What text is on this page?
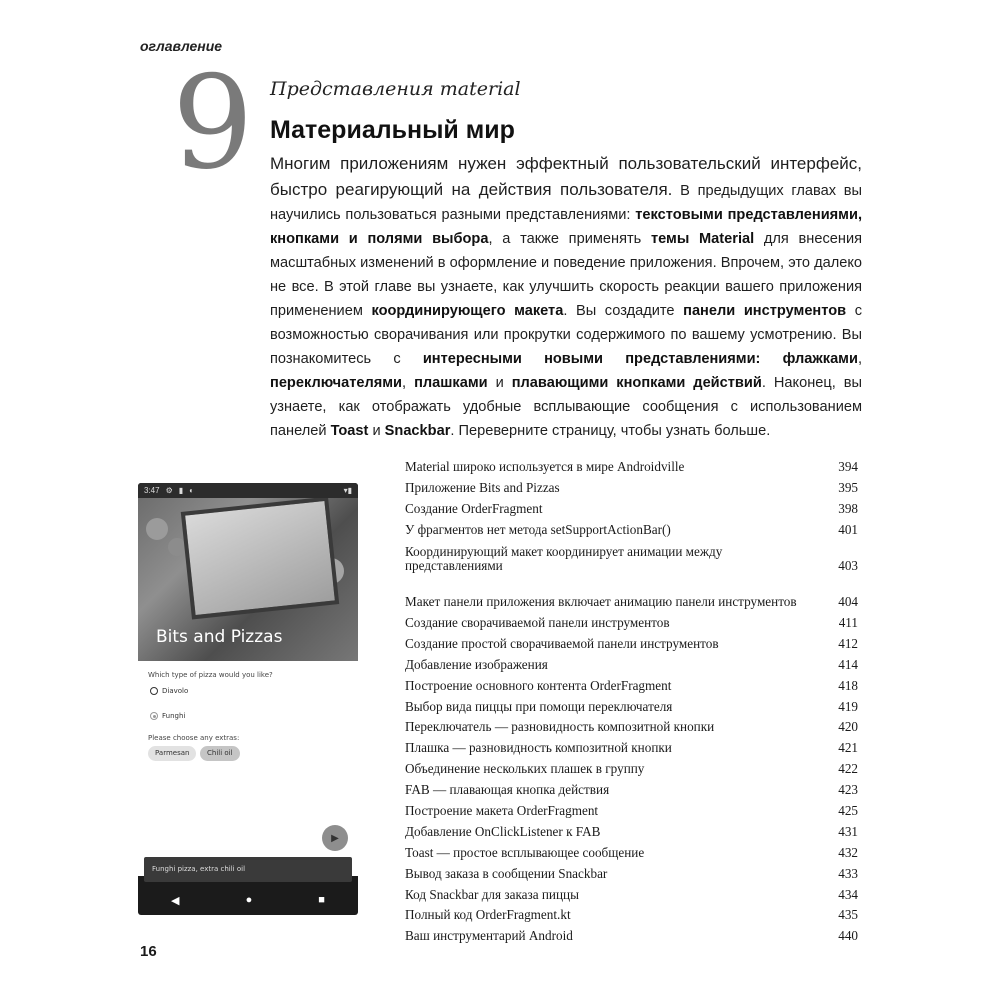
оглавление
9 Представления material
Материальный мир
Многим приложениям нужен эффектный пользовательский интерфейс, быстро реагирующий на действия пользователя. В предыдущих главах вы научились пользоваться разными представлениями: текстовыми представлениями, кнопками и полями выбора, а также применять темы Material для внесения масштабных изменений в оформление и поведение приложения. Впрочем, это далеко не все. В этой главе вы узнаете, как улучшить скорость реакции вашего приложения применением координирующего макета. Вы создадите панели инструментов с возможностью сворачивания или прокрутки содержимого по вашему усмотрению. Вы познакомитесь с интересными новыми представлениями: флажками, переключателями, плашками и плавающими кнопками действий. Наконец, вы узнаете, как отображать удобные всплывающие сообщения с использованием панелей Toast и Snackbar. Переверните страницу, чтобы узнать больше.
3:47 ⚙ ▮ ◐	▾▮
Bits and Pizzas
Which type of pizza would you like?
Diavolo
Funghi
Please choose any extras:
Parmesan	Chili oil
▶
Funghi pizza, extra chili oil
◀	●	■
Material широко используется в мире Androidville	394
Приложение Bits and Pizzas	395
Создание OrderFragment	398
У фрагментов нет метода setSupportActionBar()	401
Координирующий макет координирует анимации между представлениями	403
Макет панели приложения включает анимацию панели инструментов	404
Создание сворачиваемой панели инструментов	411
Создание простой сворачиваемой панели инструментов	412
Добавление изображения	414
Построение основного контента OrderFragment	418
Выбор вида пиццы при помощи переключателя	419
Переключатель — разновидность композитной кнопки	420
Плашка — разновидность композитной кнопки	421
Объединение нескольких плашек в группу	422
FAB — плавающая кнопка действия	423
Построение макета OrderFragment	425
Добавление OnClickListener к FAB	431
Toast — простое всплывающее сообщение	432
Вывод заказа в сообщении Snackbar	433
Код Snackbar для заказа пиццы	434
Полный код OrderFragment.kt	435
Ваш инструментарий Android	440
16
